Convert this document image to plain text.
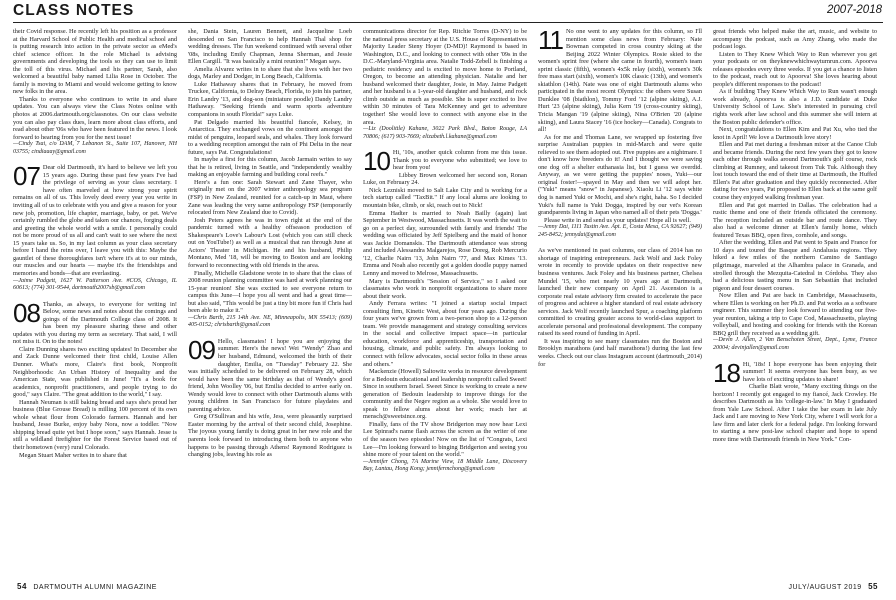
CLASS NOTES	2007-2018

their Covid response. He recently left his position as a professor at the Harvard School of Public Health and medical school and is putting research into action in the private sector as eMed's chief science officer. In the role Michael is advising governments and developing the tools so they can use to limit the toll of this virus. Michael and his partner, Sarah, also welcomed a beautiful baby named Lilia Rose in October. The family is moving to Miami and would welcome getting to know new folks in the area.

Thanks to everyone who continues to write in and share updates. You can always view the Class Notes online with photos at 2006.dartmouth.org/classnotes. On our class website you can also pay class dues, learn more about class efforts, and read about other '06s who have been featured in the news. I look forward to hearing from you for the next issue!

—Cindy Tsai, c/o DAM, 7 Lebanon St., Suite 107, Hanover, NH 03755; cindiaaay@gmail.com

07 Dear old Dartmouth, it's hard to believe we left you 15 years ago. During these past few years I've had the privilege of serving as your class secretary. I have often marveled at how strong your spirit remains on all of us. This lovely deed every year you write in inviting all of us to celebrate with you and give a reason for your new job, promotion, life chapter, marriage, baby, or pet. We've certainly rumbled the globe and taken our chances, forging deals and greeting the whole world with a smile. I personally could not be more proud of us all and can't wait to see where the next 15 years take us. So, in my last column as your class secretary before I hand the reins over, I leave you with this: Maybe the gauntlet of these thoroughfares isn't where it's at to our minds, our muscles and our hearts — maybe it's the friendships and memories and bonds—that are everlasting.

—Jaime Padgett, 1627 W. Patterson Ave. #COS, Chicago, IL 60613; (774) 301-9544, dartmouth2007sb@gmail.com

08 Thanks, as always, to everyone for writing in! Below, some news and notes about the comings and goings of the Dartmouth College class of 2008. It has been my pleasure sharing these and other updates with you during my term as secretary. That said, I will not miss it. On to the notes!

Claire Dunning shares two exciting updates! In December she and Zack Dunne welcomed their first child, Louise Allen Dunner. What's more, Claire's first book, Nonprofit Neighborhoods: An Urban History of Inequality and the American State, was published in June! "It's a book for academics, nonprofit practitioners, and people trying to do good," says Claire. "The great addition to the world," I say.

Hannah Neuman is still baking bread and says she's proud her business (Blue Grouse Bread) is milling 100 percent of its own whole wheat flour from Colorado farmers. Hannah and her husband, Jesse Burke, enjoy baby Nora, now a toddler. "Now shipping bread quite yet but I hope soon," says Hannah. Jesse is still a wildland firefighter for the Forest Service based out of their hometown (very) rural Colorado.

Megan Stuart Maher writes in to share that

she, Dania Stein, Lauren Bennett, and Jacqueline Loeb descended on San Francisco to help Hannah Thal shop for wedding dresses. The fun weekend continued with several other '08s, including Emily Chapman, Jenna Sherman, and Jessie Ellen Cargill. "It was basically a mini reunion!" Megan says.

Amelia Alvarez writes in to share that she lives with her two dogs, Marley and Dodger, in Long Beach, California.

Luke Hathaway shares that in February, he moved from Truckee, California, to Delray Beach, Florida, to join his partner, Erin Landry '13, and dog-son (miniature poodle) Dandy Landry Hathaway. "Seeking friends and warm sports adventure companions in south Florida!" says Luke.

Pat Delgado married his beautiful fiancée, Kelsey, in Antarctica. They exchanged vows on the continent amongst the midst of penguins, leopard seals, and whales. They look forward to a wedding reception amongst the rain of Phi Delta in the near future, says Pat. Congratulations!

In maybe a first for this column, Jacob Jarmain writes to say that he is retired, living in Seattle, and "independently wealthy making an enjoyable farming and building coral reefs."

Here's a fun one: Sarah Stewart and Zane Thayer, who originally met on the 2007 winter anthropology sea program (FSP) in New Zealand, reunited for a catch-up in Maui, where Zane was leading the very same anthropology FSP (temporarily relocated from New Zealand due to Covid).

Josh Peters agrees he was in town right at the end of the pandemic turned with a healthy offseason production of Shakespeare's Love's Labour's Lost (which you can still check out on YouTube!) as well as a musical that ran through June at Actors' Theater in Michigan. He and his husband, Philip Montano, Med '18, will be moving to Boston and are looking forward to reconnecting with old friends in the area.

Finally, Michelle Gladstone wrote in to share that the class of 2008 reunion planning committee was hard at work planning our 15-year reunion! She was excited to see everyone return to campus this June—I hope you all went and had a great time—but also said, "This would be just a tiny bit more fun if Chris had been able to make it."

—Chris Barth, 215 14th Ave. NE, Minneapolis, MN 55413; (609) 405-0152; chrisbarth@gmail.com

09 Hello, classmates! I hope you are enjoying the summer. Here's the news! Wei "Wendy" Zhao and her husband, Edmund, welcomed the birth of their daughter, Emilia, on "Tuesday" February 22. She was initially scheduled to be delivered on February 28, which would have been the same birthday as that of Wendy's good friend, John Woolley '06, but Emilia decided to arrive early on. Wendy would love to connect with other Dartmouth alums with young children in San Francisco for future playdates and parenting advice.

Greg O'Sullivan and his wife, Jess, were pleasantly surprised Easter morning by the arrival of their second child, Josephine. The joyous young family is doing great in her new role and the parents look forward to introducing them both to anyone who happens to be passing through Athens! Raymond Rodriguez is changing jobs, leaving his role as

communications director for Rep. Ritchie Torres (D-NY) to be the national press secretary at the U.S. House of Representatives Majority Leader Steny Hoyer (D-MD)! Raymond is based in Washington, D.C., and looking to connect with other '09s in the D.C.-Maryland-Virginia area. Natalie Todd-Zebell is finishing a pediatric residency and is excited to move home to Portland, Oregon, to become an attending physician. Natalie and her husband welcomed their daughter, Josie, in May. Jaime Padgett and her husband is a 1-year-old daughter and husband, and rock climb outside as much as possible. She is super excited to live within 30 minutes of Tara McKenney and get to adventure together! She would love to connect with anyone else in the area.

—Liz (Doolittle) Kahane, 3022 Park Blvd., Baton Rouge, LA 70806; (617) 903-7669; elizabeth.l.kahane@gmail.com

10 Hi, '10s, another quick column from me this issue. Thank you to everyone who submitted; we love to hear from you!

Libbey Brown welcomed her second son, Ronan Luke, on February 24.

Nick Lezniski moved to Salt Lake City and is working for a tech startup called "TaxBit." If any local alums are looking to mountain bike, climb, or ski, reach out to Nick!

Emma Hadter is married to Noah Bailly (again) last September in Westwood, Massachusetts. It was worth the wait to go on a perfect day, surrounded with family and friends! The wedding was officiated by Jeff Spielberg and the maid of honor was Jackie Domanskis. The Dartmouth attendance was strong and included Alessandra Malgarejos, Rose Doreg, Rob Mercurio '12, Charlie Nairn '13, John Nairn '77, and Max Kimes '13. Emma and Noah also recently got a golden doodle puppy named Lenny and moved to Melrose, Massachusetts.

Mary is Dartmouth's "Session of Service," so I asked our classmates who work in nonprofit organizations to share more about their work.

Andy Ferrara writes: "I joined a startup social impact consulting firm, Kinetic West, about four years ago. During the four years we've grown from a two-person shop to a 12-person team. We provide management and strategy consulting services in the social and collective impact space—in particular education, workforce and apprenticeship, transportation and housing, climate, and public safety. I'm always looking to connect with fellow advocates, social sector folks in these areas and others."

Mackenzie (Howell) Saltowitz works in resource development for a Bedouin educational and leadership nonprofit called Sweet! Since in southern Israel. Sweet Since is working to create a new generation of Bedouin leadership to improve things for the community and the Negev region as a whole. She would love to speak to fellow alums about her work; reach her at mensch@sweetsince.org.

Finally, fans of the TV show Bridgerton may now hear Lexi Lee Spinrad's name flash across the screen as the writer of one of the season two episodes! Now on the list of "Congrats, Lexi Lee—I'm looking forward to binging Bridgerton and seeing you shine more of your talent on the world."

—Jennifer Chong, 7A Marine View, 18 Middle Lane, Discovery Bay, Lantau, Hong Kong; jennifermchong@gmail.com

11 No one went to any updates for this column, so I'll mention some class news from February: Nate Bowman competed in cross country skiing at the Beijing 2022 Winter Olympics. Rosie skied to the women's sprint free (where she came in fourth), women's team sprint classic (fifth), women's 4x5k relay (sixth), women's 30k free mass start (sixth), women's 10K classic (13th), and women's skiathlon (14th). Nate was one of eight Dartmouth alums who participated in the most recent Olympics: the others were Susan Dunklee '08 (biathlon), Tommy Ford '12 (alpine skiing), A.J. Hurt '23 (alpine skiing), Julia Kern '19 (cross-country skiing), Tricia Mangan '19 (alpine skiing), Nina O'Brien '20 (alpine skiing), and Laura Stacey '16 (ice hockey—Canada). Congrats to all!

As for me and Thomas Lane, we wrapped up fostering five surprise Australian puppies in mid-March and were quite relieved to see them adopted out. Five puppies are a nightmare. I don't know how breeders do it! And I thought we were saving one dog off a shelter euthanasia list, but I guess we overdid. Anyway, as we were getting the puppies' noses, Yuki—our original foster!—spayed in May and then we will adopt her. ("Yuki" means "snow" in Japanese). Xiaolu Li '12 says white dog is named Yuki or Mochi, and she's right, haha. So I decided Yuki's full name is Yuki Dogga, inspired by our vet's Korean grandparents living in Japan who named all of their pets 'Dogga.'

Please write in and send us your updates! Hope all is well.

—Jenny Dai, 1111 Tustin Ave. Apt. E, Costa Mesa, CA 92627; (949) 245-8452; jennydai@gmail.com

As we've mentioned in past columns, our class of 2014 has no shortage of inspiring entrepreneurs. Jack Wolf and Jack Foley wrote in recently to provide updates on their respective new business ventures. Jack Foley and his business partner, Chelsea Mundel '15, who met nearly 10 years ago at Dartmouth, launched their new company on April 21. Ascension is a corporate real estate advisory firm created to accelerate the pace of progress and achieve a higher standard of real estate advisory services. Jack Wolf recently launched Spur, a coaching platform committed to creating greater access to world-class support to accelerate personal and professional development. The company raised its seed round of funding in April.

It was inspiring to see many classmates run the Boston and Brooklyn marathons (and half marathons!) during the last few weeks. Check out our class Instagram account (dartmouth_2014) for

great friends who helped make the art, music, and website to accompany the podcast, such as Amy Zhang, who made the podcast logo.

Listen to They Knew Which Way to Run wherever you get your podcasts or on theyknewwhichwayturnrun.com. Apoorva releases episodes every three weeks. If you get a chance to listen to the podcast, reach out to Apoorva! She loves hearing about people's different responses to the podcast!

As if building They Knew Which Way to Run wasn't enough work already, Apoorva is also a J.D. candidate at Duke University School of Law. She's interested in pursuing civil rights work after law school and this summer she will intern at the Boston public defender's office.

Next, congratulations to Ellen Kim and Pat Xu, who tied the knot in April! We love a Dartmouth love story!

Ellen and Pat met during a freshman mixer at the Canoe Club and became friends. During the next few years they got to know each other through walks around Dartmouth's golf course, rock climbing at Rumney, and takeout from Tuk Tuk. Although they lost touch toward the end of their time at Dartmouth, the Huffed Ellen's Pat after graduation and they quickly reconnected. After dating for two years, Pat proposed to Ellen back at the same golf course they enjoyed walking freshman year.

Ellen and Pat got married in Dallas. The celebration had a rustic theme and one of their friends officiated the ceremony. The reception included an outside bar and route dance. They also had a welcome dinner at Ellen's family home, which featured Texas BBQ, open fires, cornhole, and songs.

After the wedding, Ellen and Pat went to Spain and France for 10 days and toured the Basque and Andalusia regions. They hiked a few miles of the northern Camino de Santiago pilgrimage, marveled at the Alhambra palace in Granada, and strolled through the Mezquita-Catedral in Córdoba. They also had a delicious tasting menu in San Sebastián that included pigeon and four dessert courses.

Now Ellen and Pat are back in Cambridge, Massachusetts, where Ellen is working on her Ph.D. and Pat works as a software engineer. This summer they look forward to attending our five-year reunion, taking a trip to Cape Cod, Massachusetts, playing volleyball, and hosting and cooking for friends with the Korean BBQ grill they received as a wedding gift.

—Devin J. Allen, 2 Van Benschoten Street, Dept., Lyme, France 20004; devinjallen@gmail.com

18 Hi, '18s! I hope everyone has been enjoying their summer! It seems everyone has been busy, as we have lots of exciting updates to share!

Charlie Blatt wrote, "Many exciting things on the horizon! I recently got engaged to my fiancé, Jack Crowley. He describes Dartmouth as his 'college-in-law.' In May I graduated from Yale Law School. After I take the bar exam in late July Jack and I are moving to New York City, where I will work for a law firm and later clerk for a federal judge. I'm looking forward to starting a new post-law school chapter and hope to spend more time with Dartmouth friends in New York." Con-

54 DARTMOUTH ALUMNI MAGAZINE	JULY/AUGUST 2019 55
